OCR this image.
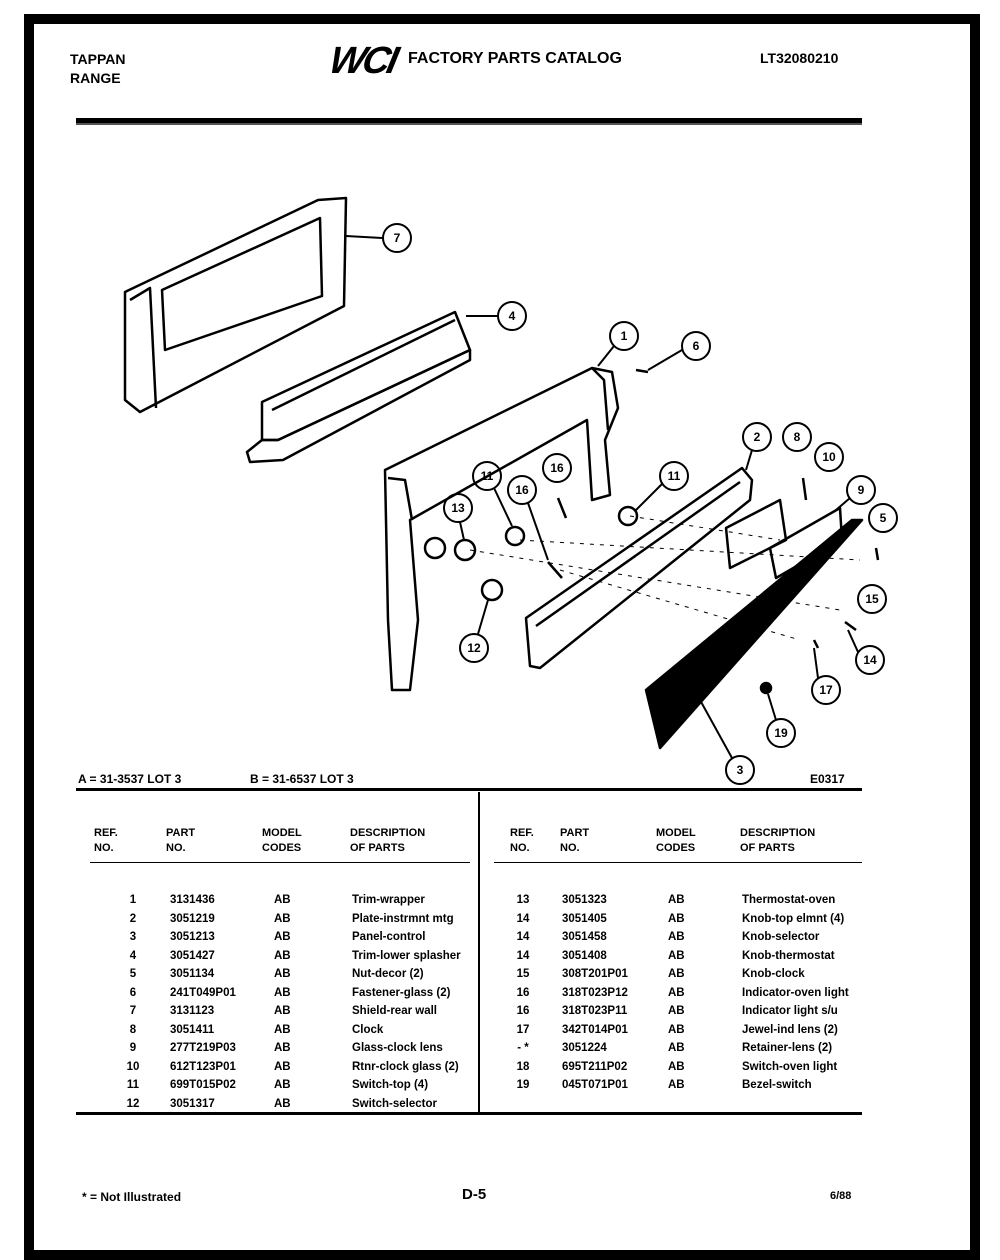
TAPPAN
RANGE	WCI FACTORY PARTS CATALOG	LT32080210
7
4
1
6
2	8
10
9
5
15
14
17
19
3
11
16
11
13
16
12
A = 31-3537 LOT 3	B = 31-6537 LOT 3	E0317
REF.
NO.
PART
NO.
MODEL
CODES
DESCRIPTION
OF PARTS
REF.
NO.
PART
NO.
MODEL
CODES
DESCRIPTION
OF PARTS
1	3131436	AB	Trim-wrapper
2	3051219	AB	Plate-instrmnt mtg
3	3051213	AB	Panel-control
4	3051427	AB	Trim-lower splasher
5	3051134	AB	Nut-decor (2)
6	241T049P01	AB	Fastener-glass (2)
7	3131123	AB	Shield-rear wall
8	3051411	AB	Clock
9	277T219P03	AB	Glass-clock lens
10	612T123P01	AB	Rtnr-clock glass (2)
11	699T015P02	AB	Switch-top (4)
12	3051317	AB	Switch-selector
13	3051323	AB	Thermostat-oven
14	3051405	AB	Knob-top elmnt (4)
14	3051458	AB	Knob-selector
14	3051408	AB	Knob-thermostat
15	308T201P01	AB	Knob-clock
16	318T023P12	AB	Indicator-oven light
16	318T023P11	AB	Indicator light s/u
17	342T014P01	AB	Jewel-ind lens (2)
- *	3051224	AB	Retainer-lens (2)
18	695T211P02	AB	Switch-oven light
19	045T071P01	AB	Bezel-switch
* = Not Illustrated	D-5	6/88
